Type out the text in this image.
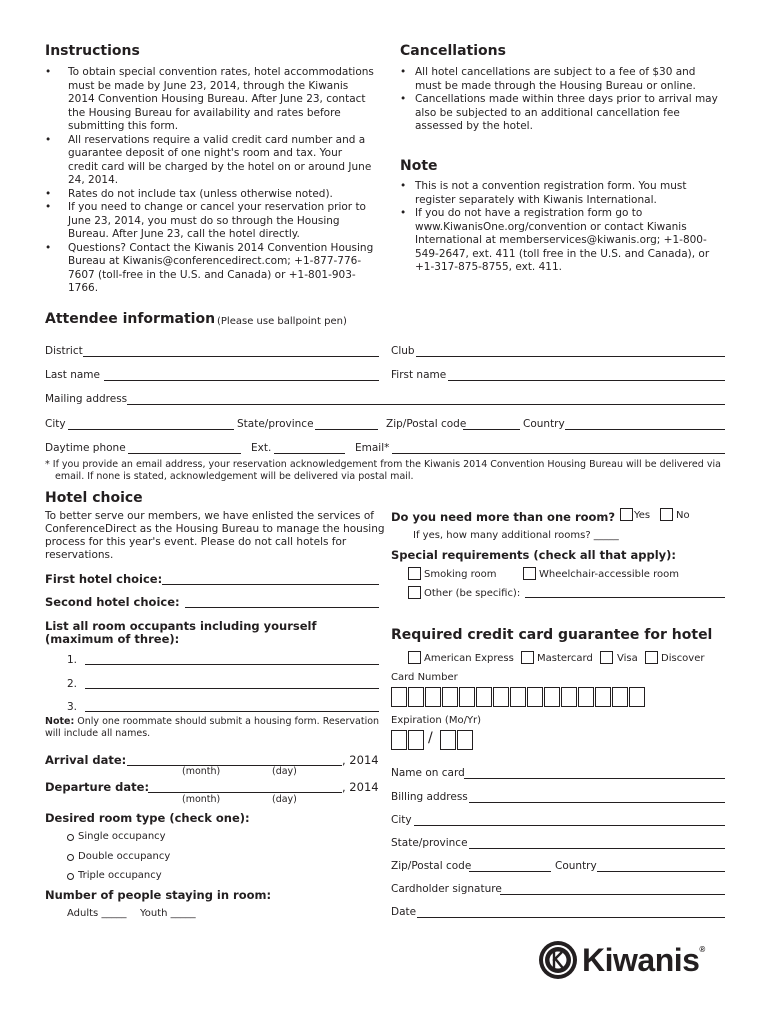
Instructions
• To obtain special convention rates, hotel accommodations must be made by June 23, 2014, through the Kiwanis 2014 Convention Housing Bureau. After June 23, contact the Housing Bureau for availability and rates before submitting this form.
• All reservations require a valid credit card number and a guarantee deposit of one night's room and tax. Your credit card will be charged by the hotel on or around June 24, 2014.
• Rates do not include tax (unless otherwise noted).
• If you need to change or cancel your reservation prior to June 23, 2014, you must do so through the Housing Bureau. After June 23, call the hotel directly.
• Questions? Contact the Kiwanis 2014 Convention Housing Bureau at Kiwanis@conferencedirect.com; +1-877-776-7607 (toll-free in the U.S. and Canada) or +1-801-903-1766.
Cancellations
• All hotel cancellations are subject to a fee of $30 and must be made through the Housing Bureau or online.
• Cancellations made within three days prior to arrival may also be subjected to an additional cancellation fee assessed by the hotel.
Note
• This is not a convention registration form. You must register separately with Kiwanis International.
• If you do not have a registration form go to www.KiwanisOne.org/convention or contact Kiwanis International at memberservices@kiwanis.org; +1-800-549-2647, ext. 411 (toll free in the U.S. and Canada), or +1-317-875-8755, ext. 411.
Attendee information (Please use ballpoint pen)
District	Club
Last name	First name
Mailing address
City	State/province	Zip/Postal code	Country
Daytime phone	Ext.	Email*
* If you provide an email address, your reservation acknowledgement from the Kiwanis 2014 Convention Housing Bureau will be delivered via email. If none is stated, acknowledgement will be delivered via postal mail.
Hotel choice
To better serve our members, we have enlisted the services of ConferenceDirect as the Housing Bureau to manage the housing process for this year's event. Please do not call hotels for reservations.
First hotel choice:
Second hotel choice:
List all room occupants including yourself (maximum of three):
1.
2.
3.
Note: Only one roommate should submit a housing form. Reservation will include all names.
Arrival date:	, 2014
(month)	(day)
Departure date:	, 2014
(month)	(day)
Desired room type (check one):
Single occupancy
Double occupancy
Triple occupancy
Number of people staying in room:
Adults _____ Youth _____
Do you need more than one room? Yes	No
If yes, how many additional rooms? _____
Special requirements (check all that apply):
Smoking room	Wheelchair-accessible room
Other (be specific):
Required credit card guarantee for hotel
American Express Mastercard Visa Discover
Card Number
Expiration (Mo/Yr)
/
Name on card
Billing address
City
State/province
Zip/Postal code	Country
Cardholder signature
Date
Kiwanis®
